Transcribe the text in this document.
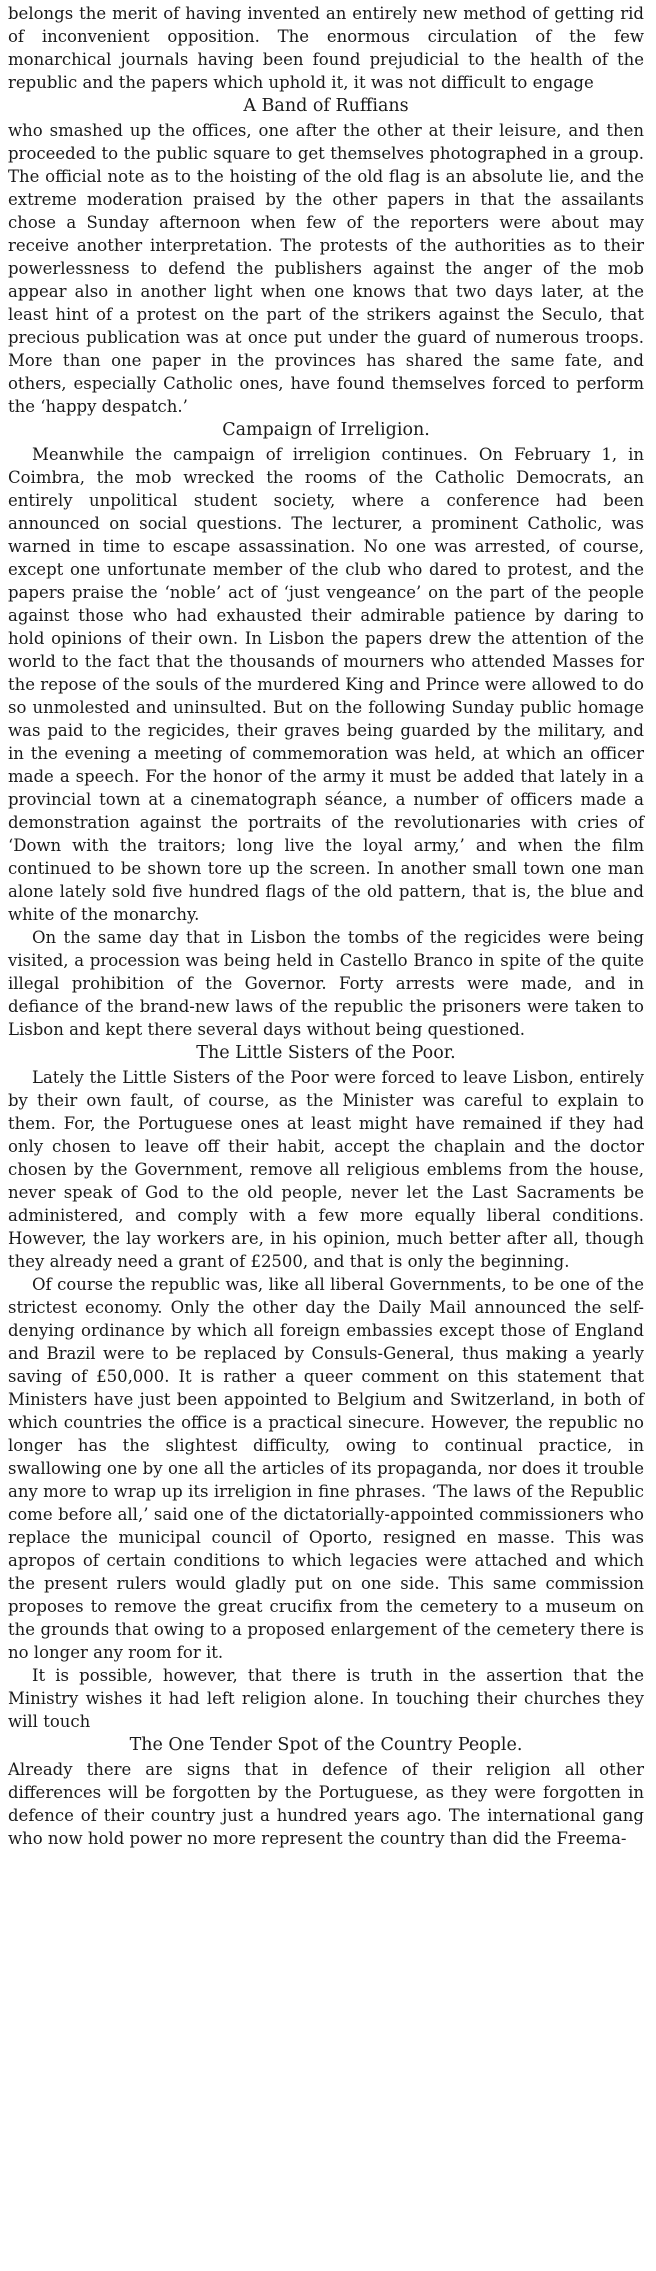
belongs the merit of having invented an entirely new method of getting rid of inconvenient opposition. The enormous circulation of the few monarchical journals having been found prejudicial to the health of the republic and the papers which uphold it, it was not difficult to engage

A Band of Ruffians

who smashed up the offices, one after the other at their leisure, and then proceeded to the public square to get themselves photographed in a group. The official note as to the hoisting of the old flag is an absolute lie, and the extreme moderation praised by the other papers in that the assailants chose a Sunday afternoon when few of the reporters were about may receive another interpretation. The protests of the authorities as to their powerlessness to defend the publishers against the anger of the mob appear also in another light when one knows that two days later, at the least hint of a protest on the part of the strikers against the Seculo, that precious publication was at once put under the guard of numerous troops. More than one paper in the provinces has shared the same fate, and others, especially Catholic ones, have found themselves forced to perform the ‘happy despatch.’

Campaign of Irreligion.

Meanwhile the campaign of irreligion continues. On February 1, in Coimbra, the mob wrecked the rooms of the Catholic Democrats, an entirely unpolitical student society, where a conference had been announced on social questions. The lecturer, a prominent Catholic, was warned in time to escape assassination. No one was arrested, of course, except one unfortunate member of the club who dared to protest, and the papers praise the ‘noble’ act of ‘just vengeance’ on the part of the people against those who had exhausted their admirable patience by daring to hold opinions of their own. In Lisbon the papers drew the attention of the world to the fact that the thousands of mourners who attended Masses for the repose of the souls of the murdered King and Prince were allowed to do so unmolested and uninsulted. But on the following Sunday public homage was paid to the regicides, their graves being guarded by the military, and in the evening a meeting of commemoration was held, at which an officer made a speech. For the honor of the army it must be added that lately in a provincial town at a cinematograph séance, a number of officers made a demonstration against the portraits of the revolutionaries with cries of ‘Down with the traitors; long live the loyal army,’ and when the film continued to be shown tore up the screen. In another small town one man alone lately sold five hundred flags of the old pattern, that is, the blue and white of the monarchy.

On the same day that in Lisbon the tombs of the regicides were being visited, a procession was being held in Castello Branco in spite of the quite illegal prohibition of the Governor. Forty arrests were made, and in defiance of the brand-new laws of the republic the prisoners were taken to Lisbon and kept there several days without being questioned.

The Little Sisters of the Poor.

Lately the Little Sisters of the Poor were forced to leave Lisbon, entirely by their own fault, of course, as the Minister was careful to explain to them. For, the Portuguese ones at least might have remained if they had only chosen to leave off their habit, accept the chaplain and the doctor chosen by the Government, remove all religious emblems from the house, never speak of God to the old people, never let the Last Sacraments be administered, and comply with a few more equally liberal conditions. However, the lay workers are, in his opinion, much better after all, though they already need a grant of £2500, and that is only the beginning.

Of course the republic was, like all liberal Governments, to be one of the strictest economy. Only the other day the Daily Mail announced the self-denying ordinance by which all foreign embassies except those of England and Brazil were to be replaced by Consuls-General, thus making a yearly saving of £50,000. It is rather a queer comment on this statement that Ministers have just been appointed to Belgium and Switzerland, in both of which countries the office is a practical sinecure. However, the republic no longer has the slightest difficulty, owing to continual practice, in swallowing one by one all the articles of its propaganda, nor does it trouble any more to wrap up its irreligion in fine phrases. ‘The laws of the Republic come before all,’ said one of the dictatorially-appointed commissioners who replace the municipal council of Oporto, resigned en masse. This was apropos of certain conditions to which legacies were attached and which the present rulers would gladly put on one side. This same commission proposes to remove the great crucifix from the cemetery to a museum on the grounds that owing to a proposed enlargement of the cemetery there is no longer any room for it.

It is possible, however, that there is truth in the assertion that the Ministry wishes it had left religion alone. In touching their churches they will touch

The One Tender Spot of the Country People.

Already there are signs that in defence of their religion all other differences will be forgotten by the Portuguese, as they were forgotten in defence of their country just a hundred years ago. The international gang who now hold power no more represent the country than did the Freema-
